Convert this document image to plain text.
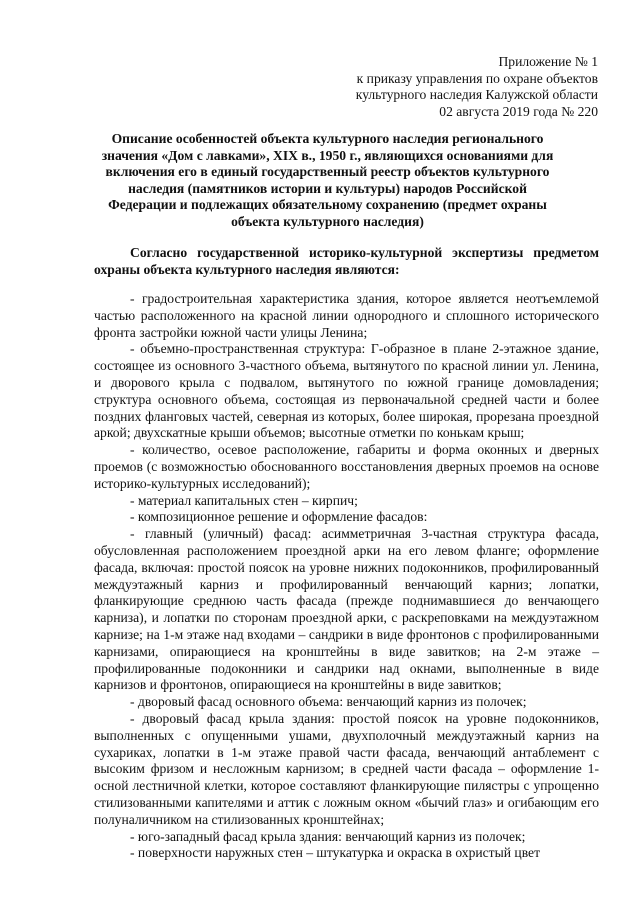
Приложение № 1
к приказу управления по охране объектов
культурного наследия Калужской области
02 августа 2019 года № 220
Описание особенностей объекта культурного наследия регионального значения «Дом с лавками», XIX в., 1950 г., являющихся основаниями для включения его в единый государственный реестр объектов культурного наследия (памятников истории и культуры) народов Российской Федерации и подлежащих обязательному сохранению (предмет охраны объекта культурного наследия)
Согласно государственной историко-культурной экспертизы предметом охраны объекта культурного наследия являются:

- градостроительная характеристика здания, которое является неотъемлемой частью расположенного на красной линии однородного и сплошного исторического фронта застройки южной части улицы Ленина;

- объемно-пространственная структура: Г-образное в плане 2-этажное здание, состоящее из основного 3-частного объема, вытянутого по красной линии ул. Ленина, и дворового крыла с подвалом, вытянутого по южной границе домовладения; структура основного объема, состоящая из первоначальной средней части и более поздних фланговых частей, северная из которых, более широкая, прорезана проездной аркой; двухскатные крыши объемов; высотные отметки по конькам крыш;

- количество, осевое расположение, габариты и форма оконных и дверных проемов (с возможностью обоснованного восстановления дверных проемов на основе историко-культурных исследований);

- материал капитальных стен – кирпич;

- композиционное решение и оформление фасадов:

- главный (уличный) фасад: асимметричная 3-частная структура фасада, обусловленная расположением проездной арки на его левом фланге; оформление фасада, включая: простой поясок на уровне нижних подоконников, профилированный междуэтажный карниз и профилированный венчающий карниз; лопатки, фланкирующие среднюю часть фасада (прежде поднимавшиеся до венчающего карниза), и лопатки по сторонам проездной арки, с раскреповками на междуэтажном карнизе; на 1-м этаже над входами – сандрики в виде фронтонов с профилированными карнизами, опирающиеся на кронштейны в виде завитков; на 2-м этаже – профилированные подоконники и сандрики над окнами, выполненные в виде карнизов и фронтонов, опирающиеся на кронштейны в виде завитков;

- дворовый фасад основного объема: венчающий карниз из полочек;

- дворовый фасад крыла здания: простой поясок на уровне подоконников, выполненных с опущенными ушами, двухполочный междуэтажный карниз на сухариках, лопатки в 1-м этаже правой части фасада, венчающий антаблемент с высоким фризом и несложным карнизом; в средней части фасада – оформление 1-осной лестничной клетки, которое составляют фланкирующие пилястры с упрощенно стилизованными капителями и аттик с ложным окном «бычий глаз» и огибающим его полуналичником на стилизованных кронштейнах;

- юго-западный фасад крыла здания: венчающий карниз из полочек;

- поверхности наружных стен – штукатурка и окраска в охристый цвет
